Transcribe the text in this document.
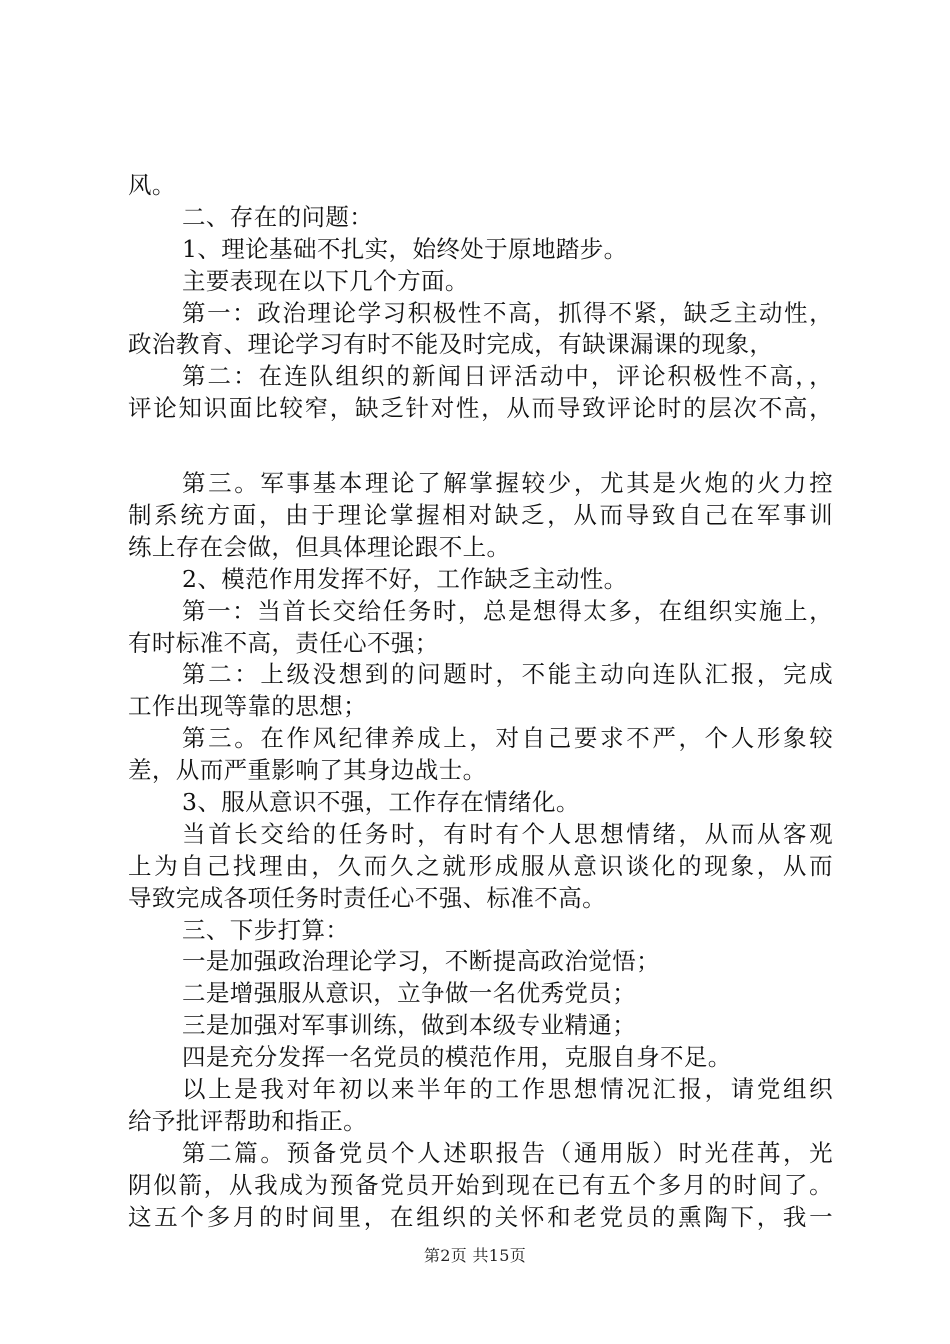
风。
二、存在的问题：
1、理论基础不扎实，始终处于原地踏步。
主要表现在以下几个方面。
第一：政治理论学习积极性不高，抓得不紧，缺乏主动性，
政治教育、理论学习有时不能及时完成，有缺课漏课的现象，
第二：在连队组织的新闻日评活动中，评论积极性不高，，
评论知识面比较窄，缺乏针对性，从而导致评论时的层次不高，
第三。军事基本理论了解掌握较少，尤其是火炮的火力控
制系统方面，由于理论掌握相对缺乏，从而导致自己在军事训
练上存在会做，但具体理论跟不上。
2、模范作用发挥不好，工作缺乏主动性。
第一：当首长交给任务时，总是想得太多，在组织实施上，
有时标准不高，责任心不强；
第二：上级没想到的问题时，不能主动向连队汇报，完成
工作出现等靠的思想；
第三。在作风纪律养成上，对自己要求不严，个人形象较
差，从而严重影响了其身边战士。
3、服从意识不强，工作存在情绪化。
当首长交给的任务时，有时有个人思想情绪，从而从客观
上为自己找理由，久而久之就形成服从意识谈化的现象，从而
导致完成各项任务时责任心不强、标准不高。
三、下步打算：
一是加强政治理论学习，不断提高政治觉悟；
二是增强服从意识，立争做一名优秀党员；
三是加强对军事训练，做到本级专业精通；
四是充分发挥一名党员的模范作用，克服自身不足。
以上是我对年初以来半年的工作思想情况汇报，请党组织
给予批评帮助和指正。
第二篇。预备党员个人述职报告（通用版）时光荏苒，光
阴似箭，从我成为预备党员开始到现在已有五个多月的时间了。
这五个多月的时间里，在组织的关怀和老党员的熏陶下，我一
第2页 共15页
